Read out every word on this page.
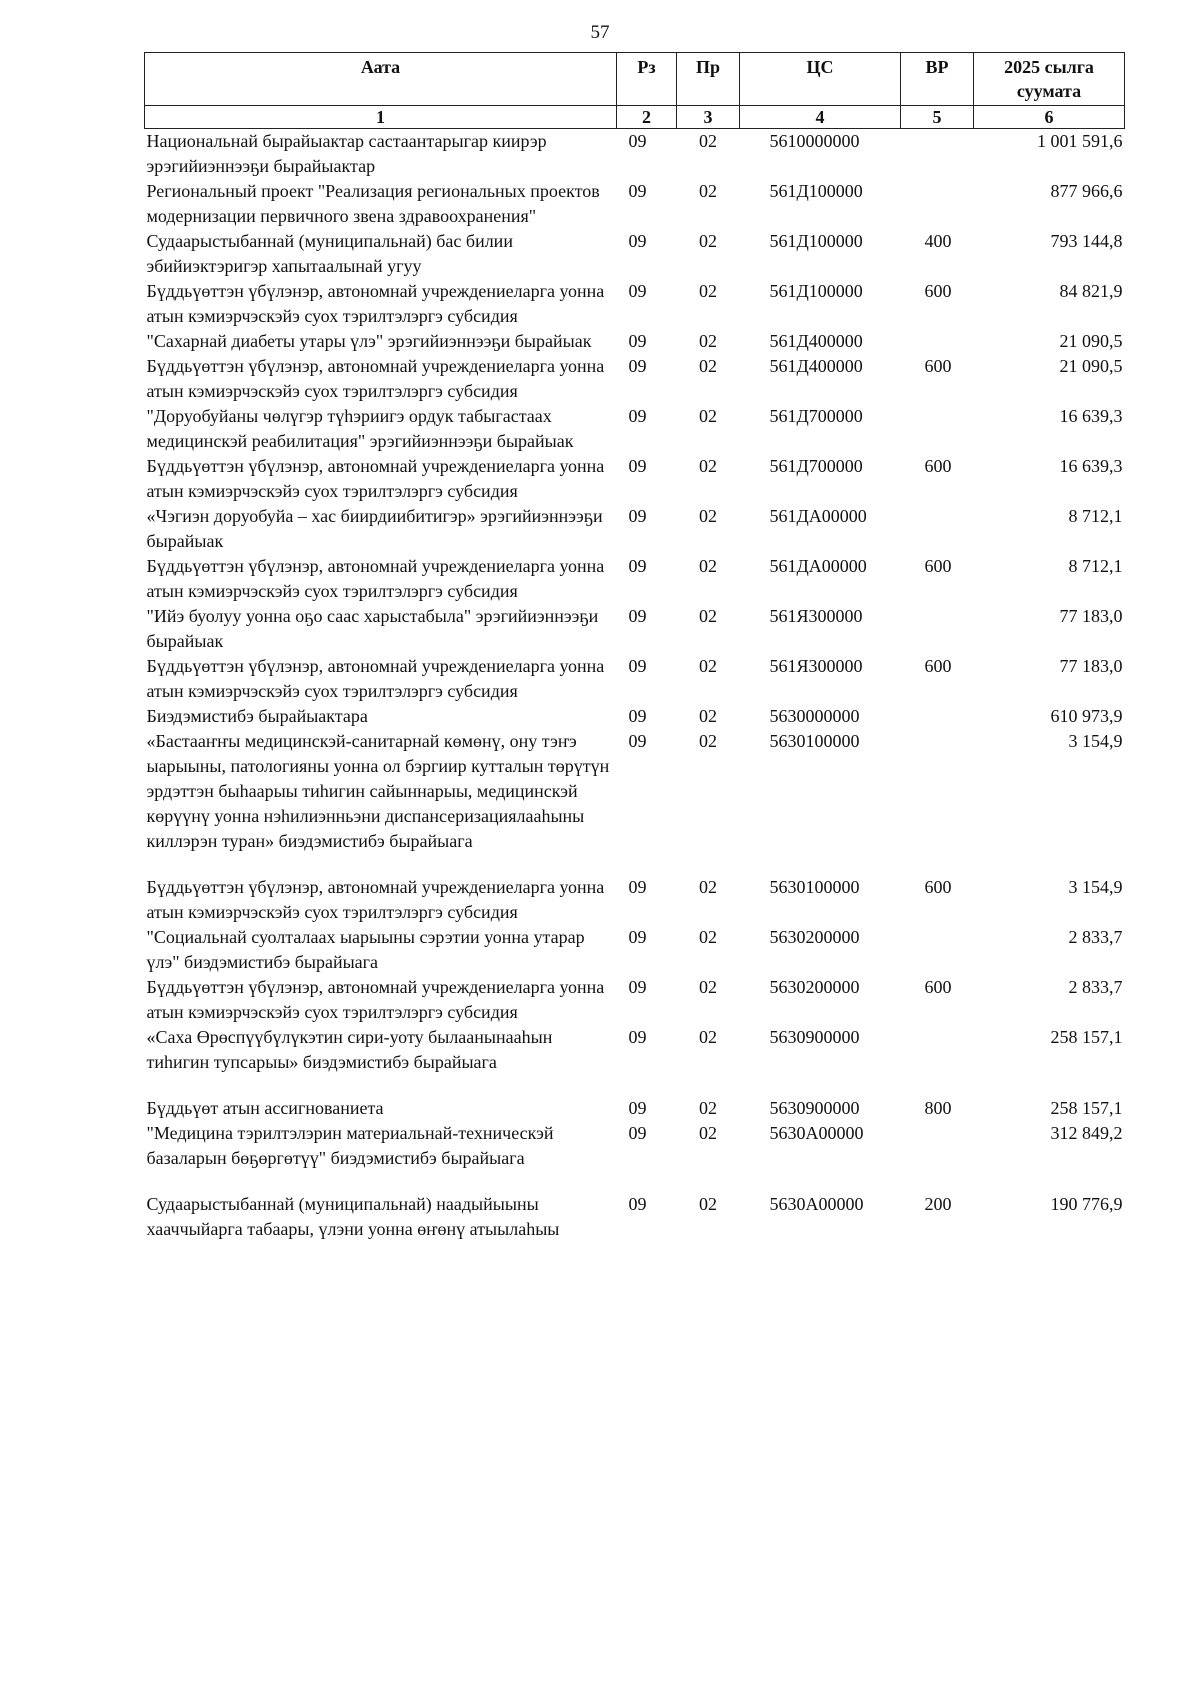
57
Аата	Рз	Пр	ЦС	ВР	2025 сылга суумата
1	2	3	4	5	6
Национальнай бырайыактар састаантарыгар киирэр эрэгийиэннээҕи бырайыактар	09	02	5610000000		1 001 591,6
Региональный проект "Реализация региональных проектов модернизации первичного звена здравоохранения"	09	02	561Д100000		877 966,6
Судаарыстыбаннай (муниципальнай) бас билии эбийиэктэригэр хапытаалынай угуу	09	02	561Д100000	400	793 144,8
Бүддьүөттэн үбүлэнэр, автономнай учреждениеларга уонна атын кэмиэрчэскэйэ суох тэрилтэлэргэ субсидия	09	02	561Д100000	600	84 821,9
"Сахарнай диабеты утары үлэ" эрэгийиэннээҕи бырайыак	09	02	561Д400000		21 090,5
Бүддьүөттэн үбүлэнэр, автономнай учреждениеларга уонна атын кэмиэрчэскэйэ суох тэрилтэлэргэ субсидия	09	02	561Д400000	600	21 090,5
"Доруобуйаны чөлүгэр түһэриигэ ордук табыгастаах медицинскэй реабилитация" эрэгийиэннээҕи бырайыак	09	02	561Д700000		16 639,3
Бүддьүөттэн үбүлэнэр, автономнай учреждениеларга уонна атын кэмиэрчэскэйэ суох тэрилтэлэргэ субсидия	09	02	561Д700000	600	16 639,3
«Чэгиэн доруобуйа – хас биирдиибитигэр» эрэгийиэннээҕи бырайыак	09	02	561ДА00000		8 712,1
Бүддьүөттэн үбүлэнэр, автономнай учреждениеларга уонна атын кэмиэрчэскэйэ суох тэрилтэлэргэ субсидия	09	02	561ДА00000	600	8 712,1
"Ийэ буолуу уонна оҕо саас харыстабыла" эрэгийиэннээҕи бырайыак	09	02	561Я300000		77 183,0
Бүддьүөттэн үбүлэнэр, автономнай учреждениеларга уонна атын кэмиэрчэскэйэ суох тэрилтэлэргэ субсидия	09	02	561Я300000	600	77 183,0
Биэдэмистибэ бырайыактара	09	02	5630000000		610 973,9
«Бастааҥҥы медицинскэй-санитарнай көмөнү, ону тэҥэ ыарыыны, патологияны уонна ол бэргиир кутталын төрүтүн эрдэттэн быһаарыы тиһигин сайыннарыы, медицинскэй көрүүнү уонна нэһилиэнньэни диспансеризациялааһыны киллэрэн туран» биэдэмистибэ бырайыага	09	02	5630100000		3 154,9
Бүддьүөттэн үбүлэнэр, автономнай учреждениеларга уонна атын кэмиэрчэскэйэ суох тэрилтэлэргэ субсидия	09	02	5630100000	600	3 154,9
"Социальнай суолталаах ыарыыны сэрэтии уонна утарар үлэ" биэдэмистибэ бырайыага	09	02	5630200000		2 833,7
Бүддьүөттэн үбүлэнэр, автономнай учреждениеларга уонна атын кэмиэрчэскэйэ суох тэрилтэлэргэ субсидия	09	02	5630200000	600	2 833,7
«Саха Өрөспүүбүлүкэтин сири-уоту былаанынааһын тиһигин тупсарыы» биэдэмистибэ бырайыага	09	02	5630900000		258 157,1
Бүддьүөт атын ассигнованиета	09	02	5630900000	800	258 157,1
"Медицина тэрилтэлэрин материальнай-техническэй базаларын бөҕөргөтүү" биэдэмистибэ бырайыага	09	02	5630А00000		312 849,2
Судаарыстыбаннай (муниципальнай) наадыйыыны хааччыйарга табаары, үлэни уонна өҥөнү атыылаһыы	09	02	5630А00000	200	190 776,9
